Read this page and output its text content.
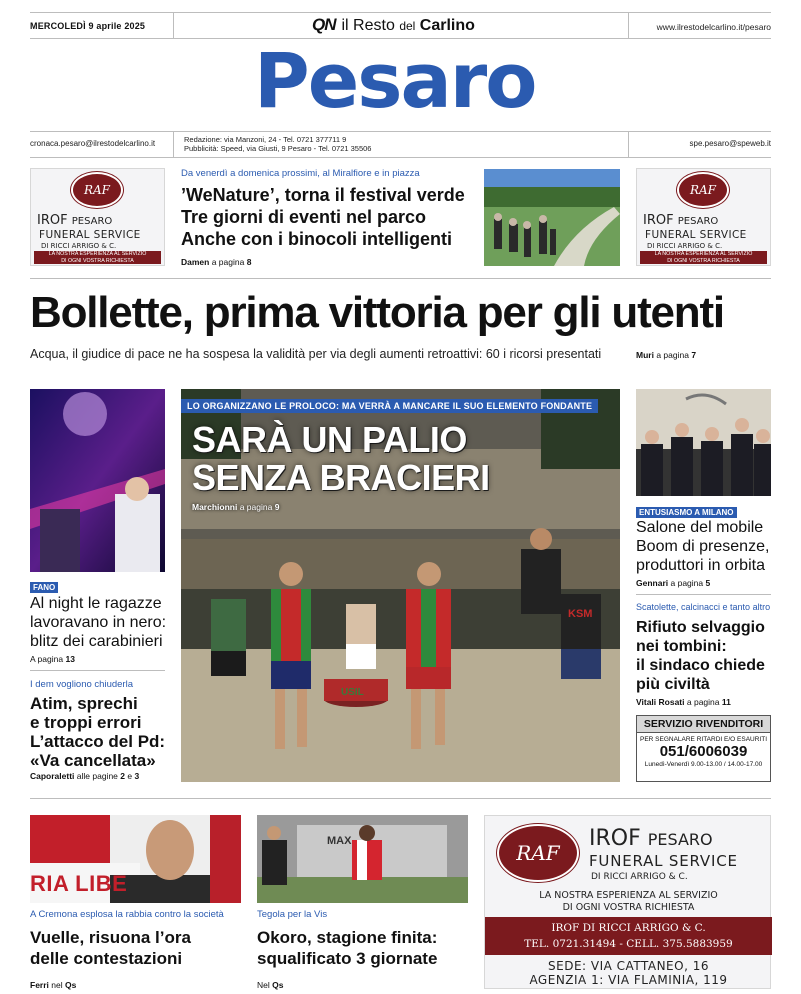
MERCOLEDÌ 9 aprile 2025	QN il Resto del Carlino	www.ilrestodelcarlino.it/pesaro
Pesaro
cronaca.pesaro@ilrestodelcarlino.it	Redazione: via Manzoni, 24 - Tel. 0721 377711 9
Pubblicità: Speed, via Giusti, 9 Pesaro - Tel. 0721 35506
spe.pesaro@speweb.it
RAF
IROF PESARO
FUNERAL SERVICE
DI RICCI ARRIGO & C.
LA NOSTRA ESPERIENZA AL SERVIZIO
DI OGNI VOSTRA RICHIESTA
RAF
IROF PESARO
FUNERAL SERVICE
DI RICCI ARRIGO & C.
LA NOSTRA ESPERIENZA AL SERVIZIO
DI OGNI VOSTRA RICHIESTA
Da venerdì a domenica prossimi, al Miralfiore e in piazza
’WeNature’, torna il festival verde
Tre giorni di eventi nel parco
Anche con i binocoli intelligenti
Damen a pagina 8
Bollette, prima vittoria per gli utenti
Acqua, il giudice di pace ne ha sospesa la validità per via degli aumenti retroattivi: 60 i ricorsi presentati	Muri a pagina 7
FANO
Al night le ragazze lavoravano in nero: blitz dei carabinieri
A pagina 13
I dem vogliono chiuderla
Atim, sprechi
e troppi errori
L’attacco del Pd:
«Va cancellata»
Caporaletti alle pagine 2 e 3
USIL
LO ORGANIZZANO LE PROLOCO: MA VERRÀ A MANCARE IL SUO ELEMENTO FONDANTE
SARÀ UN PALIO
SENZA BRACIERI
Marchionni a pagina 9
KSM
ENTUSIASMO A MILANO
Salone del mobile
Boom di presenze,
produttori in orbita
Gennari a pagina 5
Scatolette, calcinacci e tanto altro
Rifiuto selvaggio
nei tombini:
il sindaco chiede
più civiltà
Vitali Rosati a pagina 11
SERVIZIO RIVENDITORI
PER SEGNALARE RITARDI E/O ESAURITI
051/6006039
Lunedì-Venerdì 9.00-13.00 / 14.00-17.00
RIA LIBE
A Cremona esplosa la rabbia contro la società
Vuelle, risuona l’ora
delle contestazioni
Ferri nel Qs
MAX
Tegola per la Vis
Okoro, stagione finita:
squalificato 3 giornate
Nel Qs
RAF
IROF PESARO
FUNERAL SERVICE
DI RICCI ARRIGO & C.
LA NOSTRA ESPERIENZA AL SERVIZIO
DI OGNI VOSTRA RICHIESTA
IROF DI RICCI ARRIGO & C.
TEL. 0721.31494 - CELL. 375.5883959
SEDE: VIA CATTANEO, 16
AGENZIA 1: VIA FLAMINIA, 119
